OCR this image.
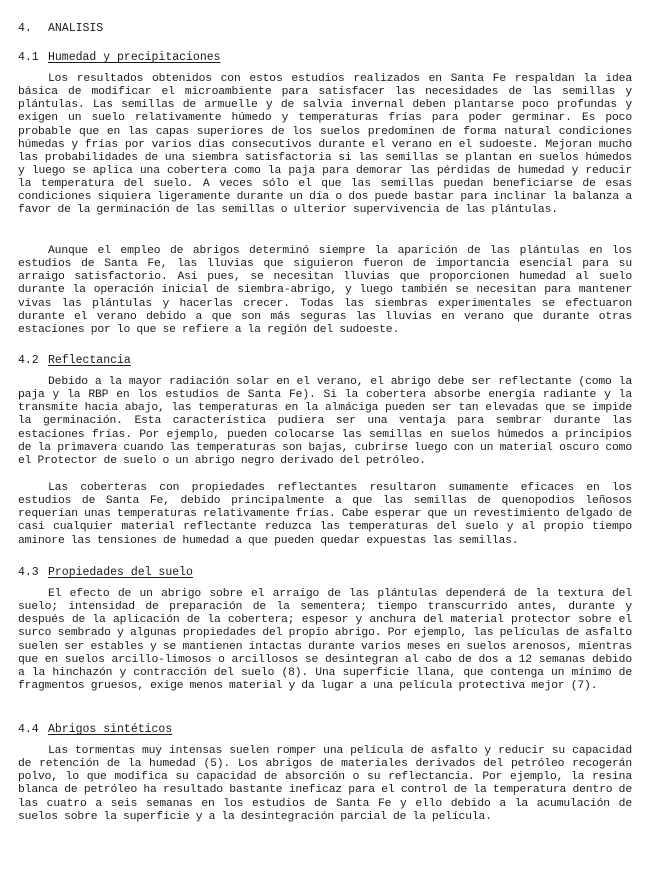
4. ANALISIS
4.1 Humedad y precipitaciones

Los resultados obtenidos con estos estudios realizados en Santa Fe respaldan la idea básica de modificar el microambiente para satisfacer las necesidades de las semillas y plántulas. Las semillas de armuelle y de salvia invernal deben plantarse poco profundas y exigen un suelo relativamente húmedo y temperaturas frías para poder germinar. Es poco probable que en las capas superiores de los suelos predominen de forma natural condiciones húmedas y frías por varios días consecutivos durante el verano en el sudoeste. Mejoran mucho las probabilidades de una siembra satisfactoria si las semillas se plantan en suelos húmedos y luego se aplica una cobertera como la paja para demorar las pérdidas de humedad y reducir la temperatura del suelo. A veces sólo el que las semillas puedan beneficiarse de esas condiciones siquiera ligeramente durante un día o dos puede bastar para inclinar la balanza a favor de la germinación de las semillas o ulterior supervivencia de las plántulas.

Aunque el empleo de abrigos determinó siempre la aparición de las plántulas en los estudios de Santa Fe, las lluvias que siguieron fueron de importancia esencial para su arraigo satisfactorio. Así pues, se necesitan lluvias que proporcionen humedad al suelo durante la operación inicial de siembra-abrigo, y luego también se necesitan para mantener vivas las plántulas y hacerlas crecer. Todas las siembras experimentales se efectuaron durante el verano debido a que son más seguras las lluvias en verano que durante otras estaciones por lo que se refiere a la región del sudoeste.

4.2 Reflectancia

Debido a la mayor radiación solar en el verano, el abrigo debe ser reflectante (como la paja y la RBP en los estudios de Santa Fe). Si la cobertera absorbe energía radiante y la transmite hacia abajo, las temperaturas en la almáciga pueden ser tan elevadas que se impide la germinación. Esta característica pudiera ser una ventaja para sembrar durante las estaciones frías. Por ejemplo, pueden colocarse las semillas en suelos húmedos a principios de la primavera cuando las temperaturas son bajas, cubrirse luego con un material oscuro como el Protector de suelo o un abrigo negro derivado del petróleo.

Las coberteras con propiedades reflectantes resultaron sumamente eficaces en los estudios de Santa Fe, debido principalmente a que las semillas de quenopodios leñosos requerían unas temperaturas relativamente frías. Cabe esperar que un revestimiento delgado de casi cualquier material reflectante reduzca las temperaturas del suelo y al propio tiempo aminore las tensiones de humedad a que pueden quedar expuestas las semillas.

4.3 Propiedades del suelo

El efecto de un abrigo sobre el arraigo de las plántulas dependerá de la textura del suelo; intensidad de preparación de la sementera; tiempo transcurrido antes, durante y después de la aplicación de la cobertera; espesor y anchura del material protector sobre el surco sembrado y algunas propiedades del propio abrigo. Por ejemplo, las películas de asfalto suelen ser estables y se mantienen intactas durante varios meses en suelos arenosos, mientras que en suelos arcillo-limosos o arcillosos se desintegran al cabo de dos a 12 semanas debido a la hinchazón y contracción del suelo (8). Una superficie llana, que contenga un mínimo de fragmentos gruesos, exige menos material y da lugar a una película protectiva mejor (7).

4.4 Abrigos sintéticos

Las tormentas muy intensas suelen romper una película de asfalto y reducir su capacidad de retención de la humedad (5). Los abrigos de materiales derivados del petróleo recogerán polvo, lo que modifica su capacidad de absorción o su reflectancia. Por ejemplo, la resina blanca de petróleo ha resultado bastante ineficaz para el control de la temperatura dentro de las cuatro a seis semanas en los estudios de Santa Fe y ello debido a la acumulación de suelos sobre la superficie y a la desintegración parcial de la película.
